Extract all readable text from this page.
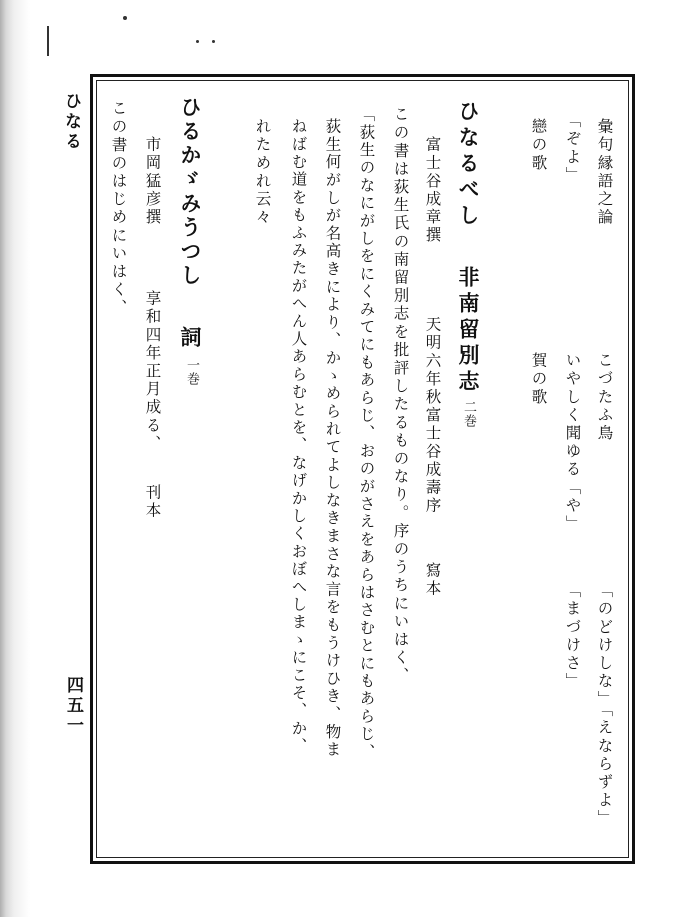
ひなる
四五一
彙句縁語之論
こづたふ鳥
「のどけしな」「えならずよ」
「ぞよ」
いやしく聞ゆる「や」
「まづけさ」
戀の歌
賀の歌
ひなるべし
非南留別志
二巻
富士谷成章撰
天明六年秋富士谷成壽序
寫本
この書は荻生氏の南留別志を批評したるものなり。序のうちにいはく、
「荻生のなにがしをにくみてにもあらじ、おのがさえをあらはさむとにもあらじ、
荻生何がしが名高きにより、かゝめられてよしなきまさな言をもうけひき、物ま
ねばむ道をもふみたがへん人あらむとを、なげかしくおぼへしまゝにこそ、か、
れためれ云々
ひるかゞみうつし
詞
一巻
市岡猛彦撰
享和四年正月成る、
刊本
この書のはじめにいはく、
